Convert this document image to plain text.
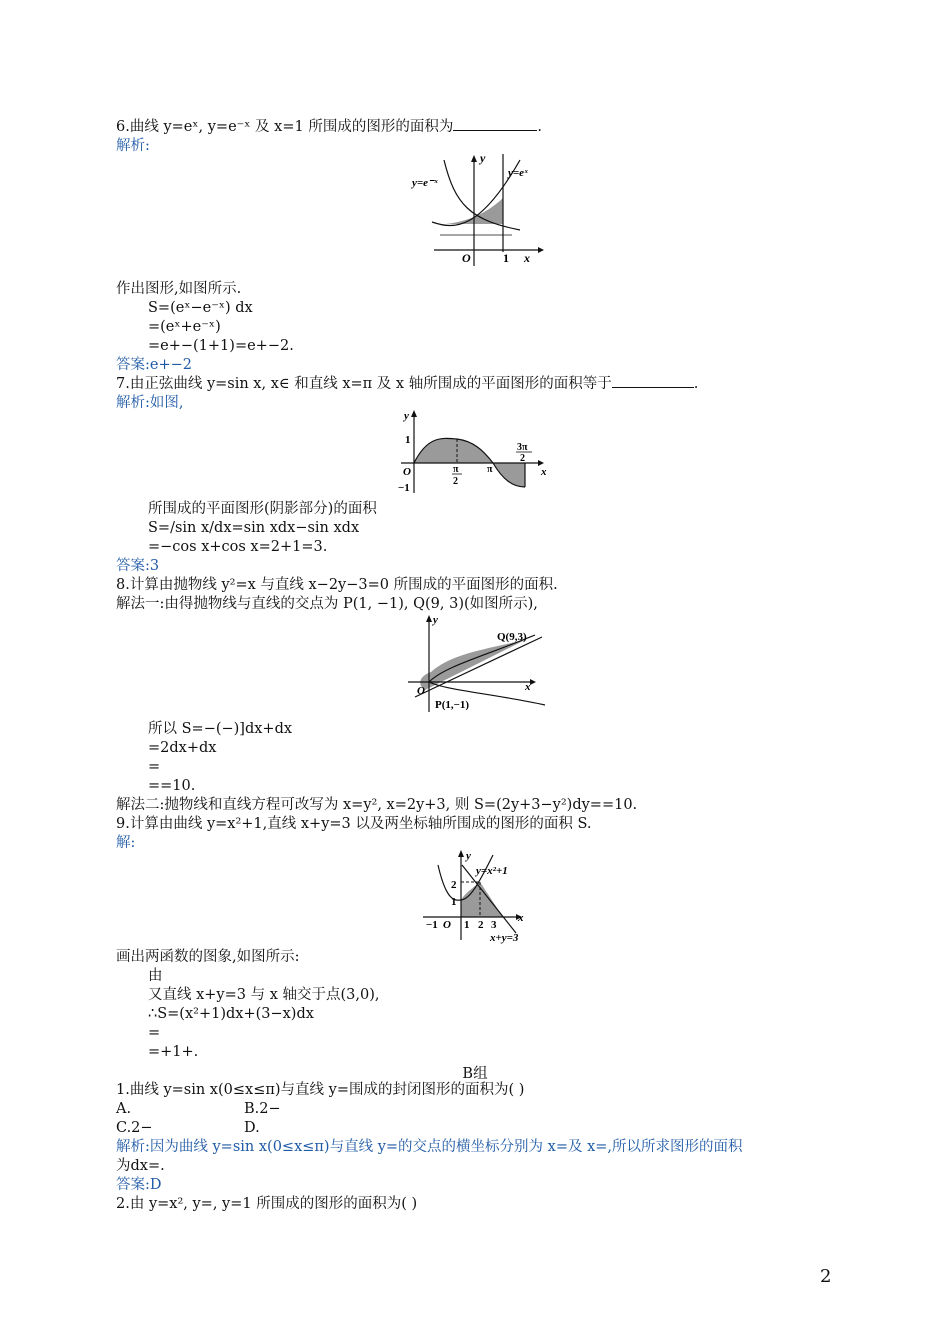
6.曲线 y=eˣ, y=e⁻ˣ 及 x=1 所围成的图形的面积为	.
解析:
y=e⁻ˣ
y=eˣ
y
x
O	1
作出图形,如图所示.
S=(eˣ−e⁻ˣ) dx
=(eˣ+e⁻ˣ)
=e+−(1+1)=e+−2.
答案:e+−2
7.由正弦曲线 y=sin x, x∈ 和直线 x=π 及 x 轴所围成的平面图形的面积等于	.
解析:如图,
y
x
O
1
−1
π
2
π
3π
2
所围成的平面图形(阴影部分)的面积
S=/sin x/dx=sin xdx−sin xdx
=−cos x+cos x=2+1=3.
答案:3
8.计算由抛物线 y²=x 与直线 x−2y−3=0 所围成的平面图形的面积.
解法一:由得抛物线与直线的交点为 P(1, −1), Q(9, 3)(如图所示),
y
x
O
Q(9,3)
P(1,−1)
所以 S=−(−)]dx+dx
=2dx+dx
=
==10.
解法二:抛物线和直线方程可改写为 x=y², x=2y+3, 则 S=(2y+3−y²)dy==10.
9.计算由曲线 y=x²+1,直线 x+y=3 以及两坐标轴所围成的图形的面积 S.
解:
y
x
y=x²+1
x+y=3
O
−1 1 2 3
1
2
画出两函数的图象,如图所示:
由
又直线 x+y=3 与 x 轴交于点(3,0),
∴S=(x²+1)dx+(3−x)dx
=
=+1+.
B组
1.曲线 y=sin x(0≤x≤π)与直线 y=围成的封闭图形的面积为( )
A.	B.2−
C.2−	D.
解析:因为曲线 y=sin x(0≤x≤π)与直线 y=的交点的横坐标分别为 x=及 x=,所以所求图形的面积
为dx=.
答案:D
2.由 y=x², y=, y=1 所围成的图形的面积为( )
2
